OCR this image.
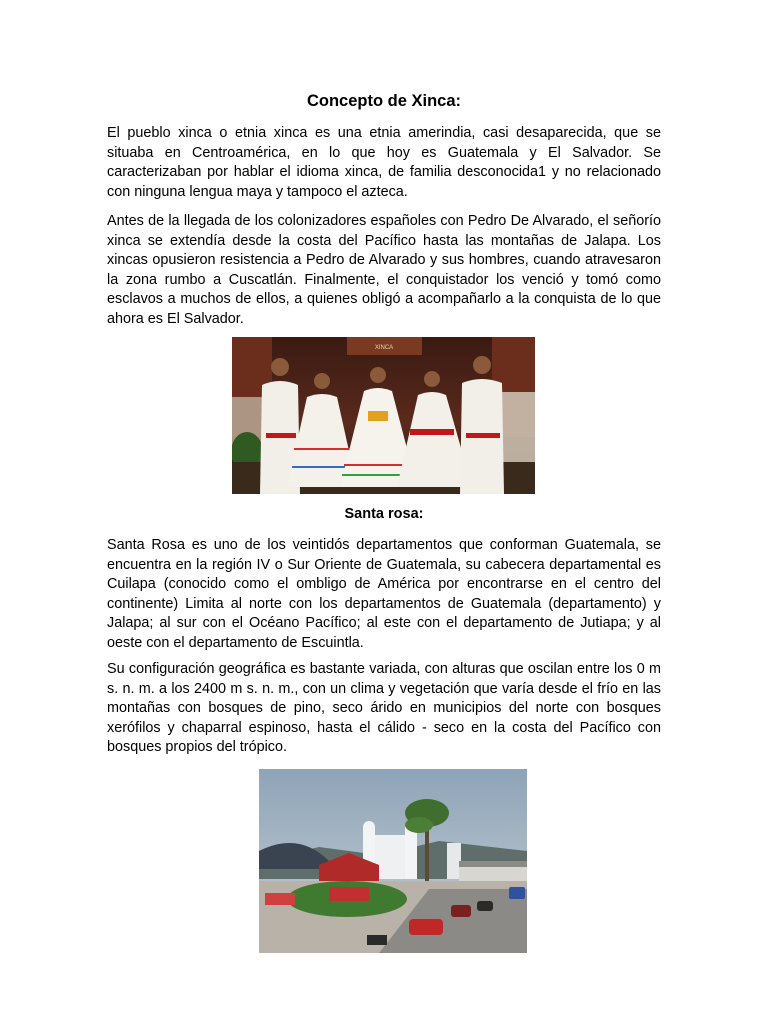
Concepto de Xinca:

El pueblo xinca o etnia xinca es una etnia amerindia, casi desaparecida, que se situaba en Centroamérica, en lo que hoy es Guatemala y El Salvador. Se caracterizaban por hablar el idioma xinca, de familia desconocida1 y no relacionado con ninguna lengua maya y tampoco el azteca.

Antes de la llegada de los colonizadores españoles con Pedro De Alvarado, el señorío xinca se extendía desde la costa del Pacífico hasta las montañas de Jalapa. Los xincas opusieron resistencia a Pedro de Alvarado y sus hombres, cuando atravesaron la zona rumbo a Cuscatlán. Finalmente, el conquistador los venció y tomó como esclavos a muchos de ellos, a quienes obligó a acompañarlo a la conquista de lo que ahora es El Salvador.

XINCA
Santa rosa:

Santa Rosa es uno de los veintidós departamentos que conforman Guatemala, se encuentra en la región IV o Sur Oriente de Guatemala, su cabecera departamental es Cuilapa (conocido como el ombligo de América por encontrarse en el centro del continente) Limita al norte con los departamentos de Guatemala (departamento) y Jalapa; al sur con el Océano Pacífico; al este con el departamento de Jutiapa; y al oeste con el departamento de Escuintla.

Su configuración geográfica es bastante variada, con alturas que oscilan entre los 0 m s. n. m. a los 2400 m s. n. m., con un clima y vegetación que varía desde el frío en las montañas con bosques de pino, seco árido en municipios del norte con bosques xerófilos y chaparral espinoso, hasta el cálido - seco en la costa del Pacífico con bosques propios del trópico.
